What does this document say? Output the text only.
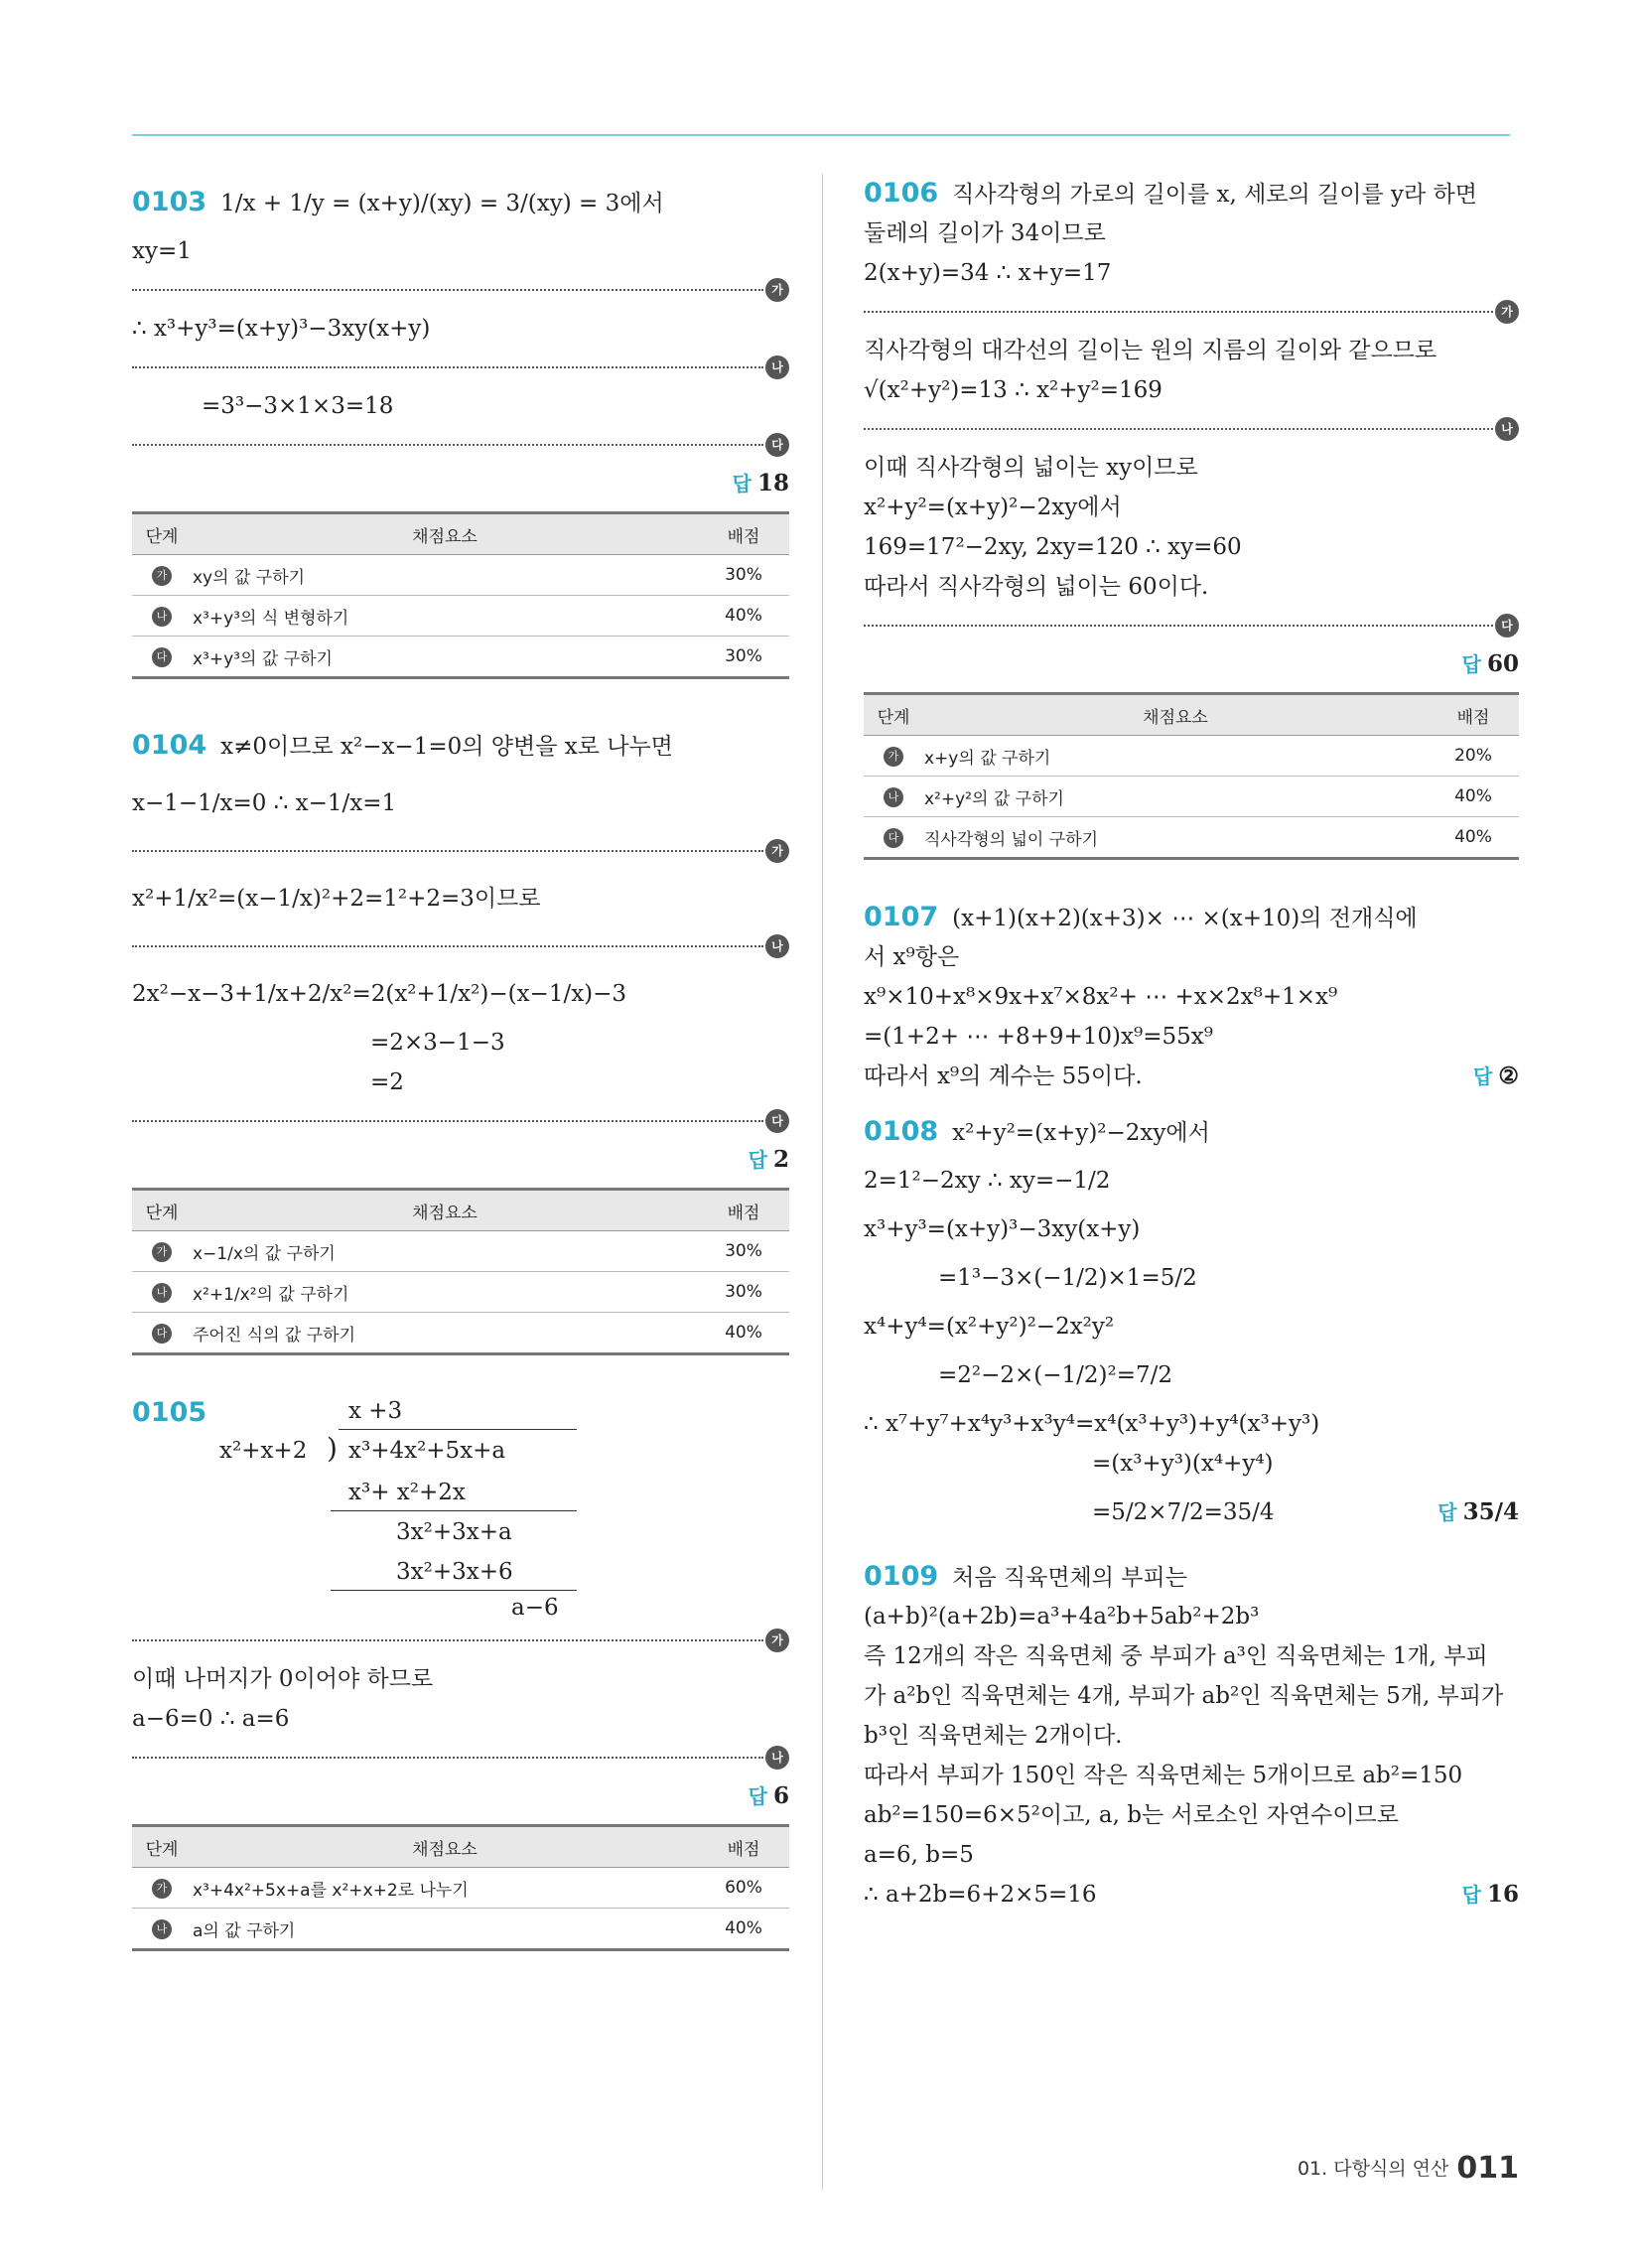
0103 1/x + 1/y = (x+y)/(xy) = 3/(xy) = 3에서
xy=1
가
∴ x³+y³=(x+y)³−3xy(x+y)
나
=3³−3×1×3=18
다
답 18
단계	채점요소	배점
가	xy의 값 구하기	30%
나	x³+y³의 식 변형하기	40%
다	x³+y³의 값 구하기	30%
0104 x≠0이므로 x²−x−1=0의 양변을 x로 나누면
x−1−1/x=0 ∴ x−1/x=1
가
x²+1/x²=(x−1/x)²+2=1²+2=3이므로
나
2x²−x−3+1/x+2/x²=2(x²+1/x²)−(x−1/x)−3
=2×3−1−3
=2
다
답 2
단계	채점요소	배점
가	x−1/x의 값 구하기	30%
나	x²+1/x²의 값 구하기	30%
다	주어진 식의 값 구하기	40%
0105	x +3
x²+x+2 ) x³+4x²+5x+a
x³+ x²+2x
3x²+3x+a
3x²+3x+6
a−6
가
이때 나머지가 0이어야 하므로
a−6=0 ∴ a=6
나
답 6
단계	채점요소	배점
가	x³+4x²+5x+a를 x²+x+2로 나누기	60%
나	a의 값 구하기	40%
0106 직사각형의 가로의 길이를 x, 세로의 길이를 y라 하면
둘레의 길이가 34이므로
2(x+y)=34 ∴ x+y=17
가
직사각형의 대각선의 길이는 원의 지름의 길이와 같으므로
√(x²+y²)=13 ∴ x²+y²=169
나
이때 직사각형의 넓이는 xy이므로
x²+y²=(x+y)²−2xy에서
169=17²−2xy, 2xy=120 ∴ xy=60
따라서 직사각형의 넓이는 60이다.
다
답 60
단계	채점요소	배점
가	x+y의 값 구하기	20%
나	x²+y²의 값 구하기	40%
다	직사각형의 넓이 구하기	40%
0107 (x+1)(x+2)(x+3)× ⋯ ×(x+10)의 전개식에
서 x⁹항은
x⁹×10+x⁸×9x+x⁷×8x²+ ⋯ +x×2x⁸+1×x⁹
=(1+2+ ⋯ +8+9+10)x⁹=55x⁹
따라서 x⁹의 계수는 55이다.	답 ②
0108 x²+y²=(x+y)²−2xy에서
2=1²−2xy ∴ xy=−1/2
x³+y³=(x+y)³−3xy(x+y)
=1³−3×(−1/2)×1=5/2
x⁴+y⁴=(x²+y²)²−2x²y²
=2²−2×(−1/2)²=7/2
∴ x⁷+y⁷+x⁴y³+x³y⁴=x⁴(x³+y³)+y⁴(x³+y³)
=(x³+y³)(x⁴+y⁴)
=5/2×7/2=35/4	답 35/4
0109 처음 직육면체의 부피는
(a+b)²(a+2b)=a³+4a²b+5ab²+2b³
즉 12개의 작은 직육면체 중 부피가 a³인 직육면체는 1개, 부피
가 a²b인 직육면체는 4개, 부피가 ab²인 직육면체는 5개, 부피가
b³인 직육면체는 2개이다.
따라서 부피가 150인 작은 직육면체는 5개이므로 ab²=150
ab²=150=6×5²이고, a, b는 서로소인 자연수이므로
a=6, b=5
∴ a+2b=6+2×5=16	답 16
01. 다항식의 연산 011
